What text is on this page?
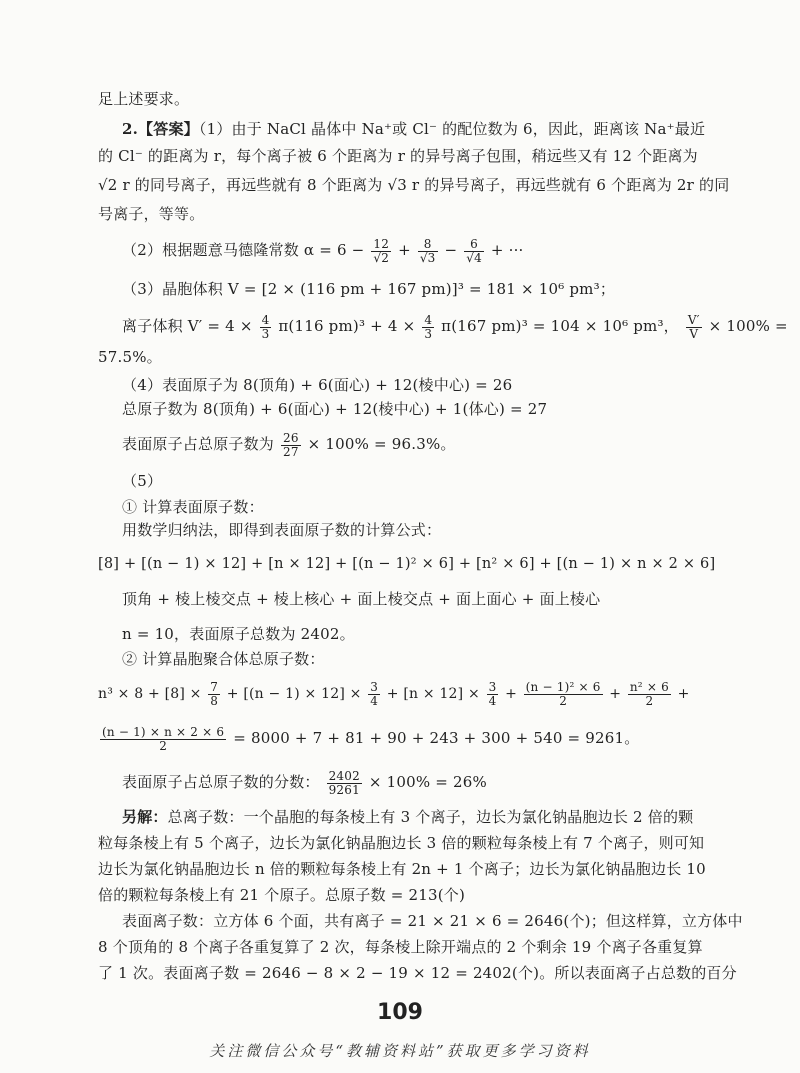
足上述要求。
2.【答案】（1）由于 NaCl 晶体中 Na⁺或 Cl⁻ 的配位数为 6，因此，距离该 Na⁺最近
的 Cl⁻ 的距离为 r，每个离子被 6 个距离为 r 的异号离子包围，稍远些又有 12 个距离为
√2 r 的同号离子，再远些就有 8 个距离为 √3 r 的异号离子，再远些就有 6 个距离为 2r 的同
号离子，等等。
（2）根据题意马德隆常数 $\alpha = 6 - \frac{12}{√2} + \frac{8}{√3} - \frac{6}{√4}$ + ···
（3）晶胞体积 V = [2 × (116 pm + 167 pm)]³ = 181 × 10⁶ pm³；
离子体积 $V' = 4 \times \frac{4}{3} \pi(116$ $pm)^3 + 4 \times \frac{4}{3} \pi(167$ pm)³ = 104 × 10⁶ pm³， $\frac{V'}{V} \times 100\%$ =
57.5%。
（4）表面原子为 8(顶角) + 6(面心) + 12(棱中心) = 26
总原子数为 8(顶角) + 6(面心) + 12(棱中心) + 1(体心) = 27
表面原子占总原子数为 $\frac{26}{27} \times 100\% = 96.3\%$。
（5）
① 计算表面原子数：
用数学归纳法，即得到表面原子数的计算公式：
[8] + [(n − 1) × 12] + [n × 12] + [(n − 1)² × 6] + [n² × 6] + [(n − 1) × n × 2 × 6]
顶角 + 棱上棱交点 + 棱上核心 + 面上棱交点 + 面上面心 + 面上棱心
n = 10，表面原子总数为 2402。
② 计算晶胞聚合体总原子数：
$n^3 \times 8 + [8] \times \frac{7}{8} + [(n - 1) \times 12] \times \frac{3}{4} + [n \times 12] \times \frac{3}{4} + \frac{\text{(n − 1)² × 6}}{2} + \frac{\text{n² × 6}}{2}$ +
$\frac{(n - 1) \times n \times 2 \times 6}{2} = 8000 + 7 + 81 + 90 + 243 + 300 + 540 = 9261$。
表面原子占总原子数的分数： $\frac{2402}{9261} \times 100\% = 26\%$
另解：总离子数：一个晶胞的每条棱上有 3 个离子，边长为氯化钠晶胞边长 2 倍的颗
粒每条棱上有 5 个离子，边长为氯化钠晶胞边长 3 倍的颗粒每条棱上有 7 个离子，则可知
边长为氯化钠晶胞边长 n 倍的颗粒每条棱上有 2n + 1 个离子；边长为氯化钠晶胞边长 10
倍的颗粒每条棱上有 21 个原子。总原子数 = 213(个)
表面离子数：立方体 6 个面，共有离子 = 21 × 21 × 6 = 2646(个)；但这样算，立方体中
8 个顶角的 8 个离子各重复算了 2 次，每条棱上除开端点的 2 个剩余 19 个离子各重复算
了 1 次。表面离子数 = 2646 − 8 × 2 − 19 × 12 = 2402(个)。所以表面离子占总数的百分
109
关注微信公众号“教辅资料站”获取更多学习资料
